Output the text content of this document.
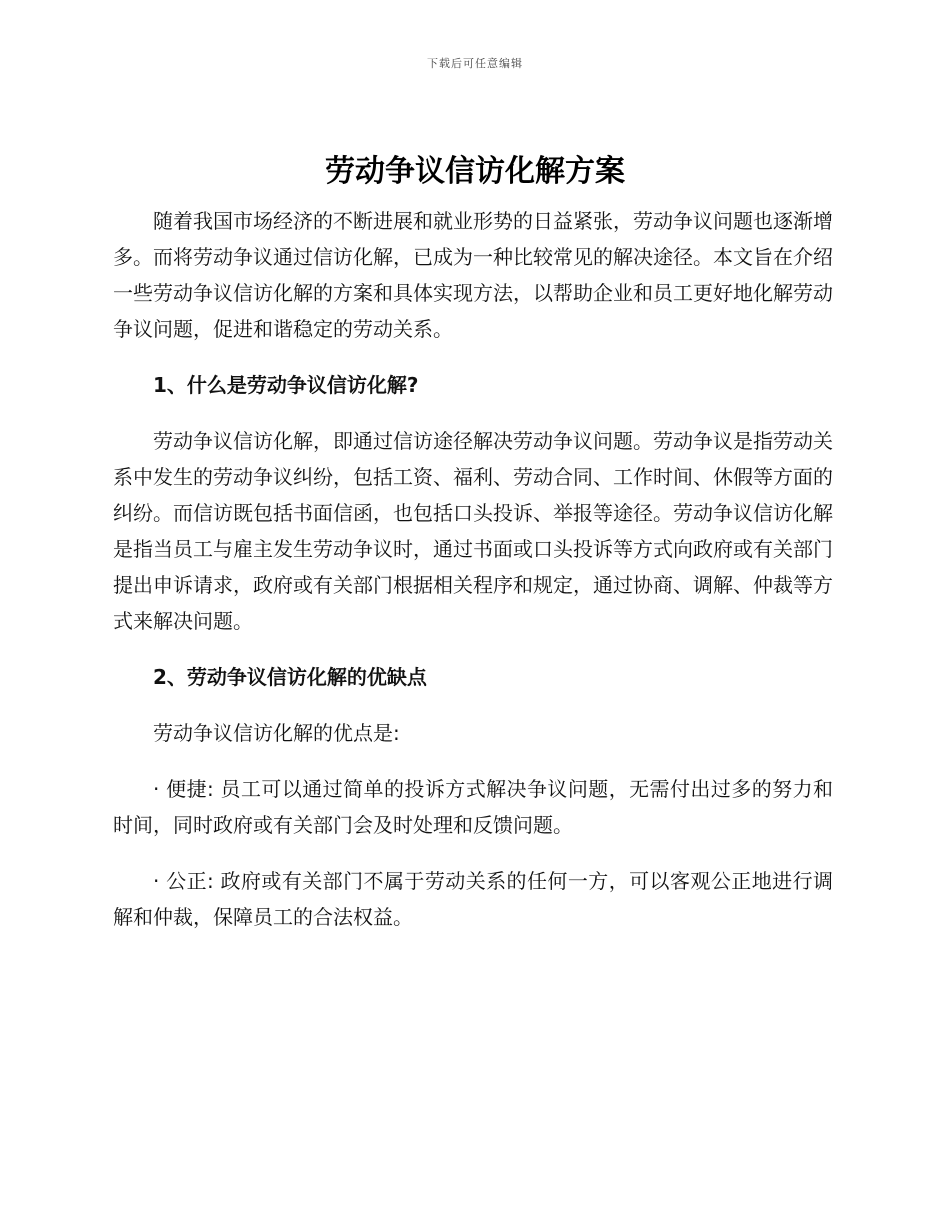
下载后可任意编辑
劳动争议信访化解方案

随着我国市场经济的不断进展和就业形势的日益紧张，劳动争议问题也逐渐增多。而将劳动争议通过信访化解，已成为一种比较常见的解决途径。本文旨在介绍一些劳动争议信访化解的方案和具体实现方法，以帮助企业和员工更好地化解劳动争议问题，促进和谐稳定的劳动关系。

1、什么是劳动争议信访化解?

劳动争议信访化解，即通过信访途径解决劳动争议问题。劳动争议是指劳动关系中发生的劳动争议纠纷，包括工资、福利、劳动合同、工作时间、休假等方面的纠纷。而信访既包括书面信函，也包括口头投诉、举报等途径。劳动争议信访化解是指当员工与雇主发生劳动争议时，通过书面或口头投诉等方式向政府或有关部门提出申诉请求，政府或有关部门根据相关程序和规定，通过协商、调解、仲裁等方式来解决问题。

2、劳动争议信访化解的优缺点

劳动争议信访化解的优点是:

· 便捷: 员工可以通过简单的投诉方式解决争议问题，无需付出过多的努力和时间，同时政府或有关部门会及时处理和反馈问题。

· 公正: 政府或有关部门不属于劳动关系的任何一方，可以客观公正地进行调解和仲裁，保障员工的合法权益。
